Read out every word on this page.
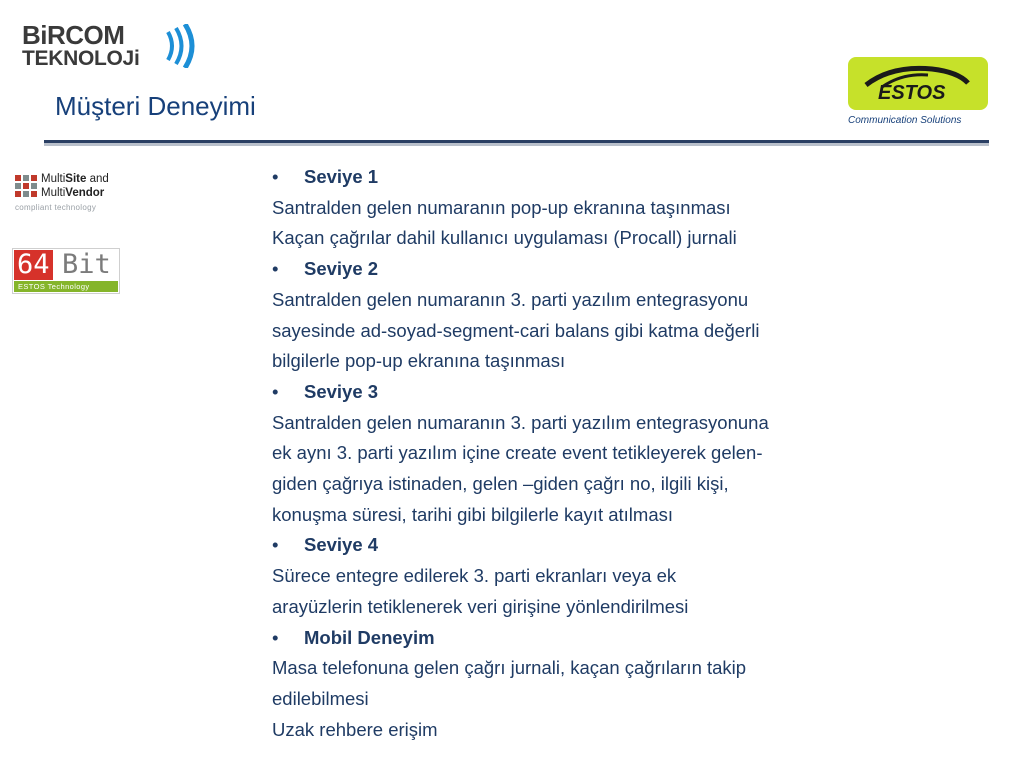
BiRCOM
TEKNOLOJi
Müşteri Deneyimi	ESTOS
Communication Solutions
MultiSite and
MultiVendor
compliant technology
64 Bit
ESTOS Technology
• Seviye 1
Santralden gelen numaranın pop-up ekranına taşınması
Kaçan çağrılar dahil kullanıcı uygulaması (Procall) jurnali
• Seviye 2
Santralden gelen numaranın 3. parti yazılım entegrasyonu
sayesinde ad-soyad-segment-cari balans gibi katma değerli
bilgilerle pop-up ekranına taşınması
• Seviye 3
Santralden gelen numaranın 3. parti yazılım entegrasyonuna
ek aynı 3. parti yazılım içine create event tetikleyerek gelen-
giden çağrıya istinaden, gelen –giden çağrı no, ilgili kişi,
konuşma süresi, tarihi gibi bilgilerle kayıt atılması
• Seviye 4
Sürece entegre edilerek 3. parti ekranları veya ek
arayüzlerin tetiklenerek veri girişine yönlendirilmesi
• Mobil Deneyim
Masa telefonuna gelen çağrı jurnali, kaçan çağrıların takip
edilebilmesi
Uzak rehbere erişim
